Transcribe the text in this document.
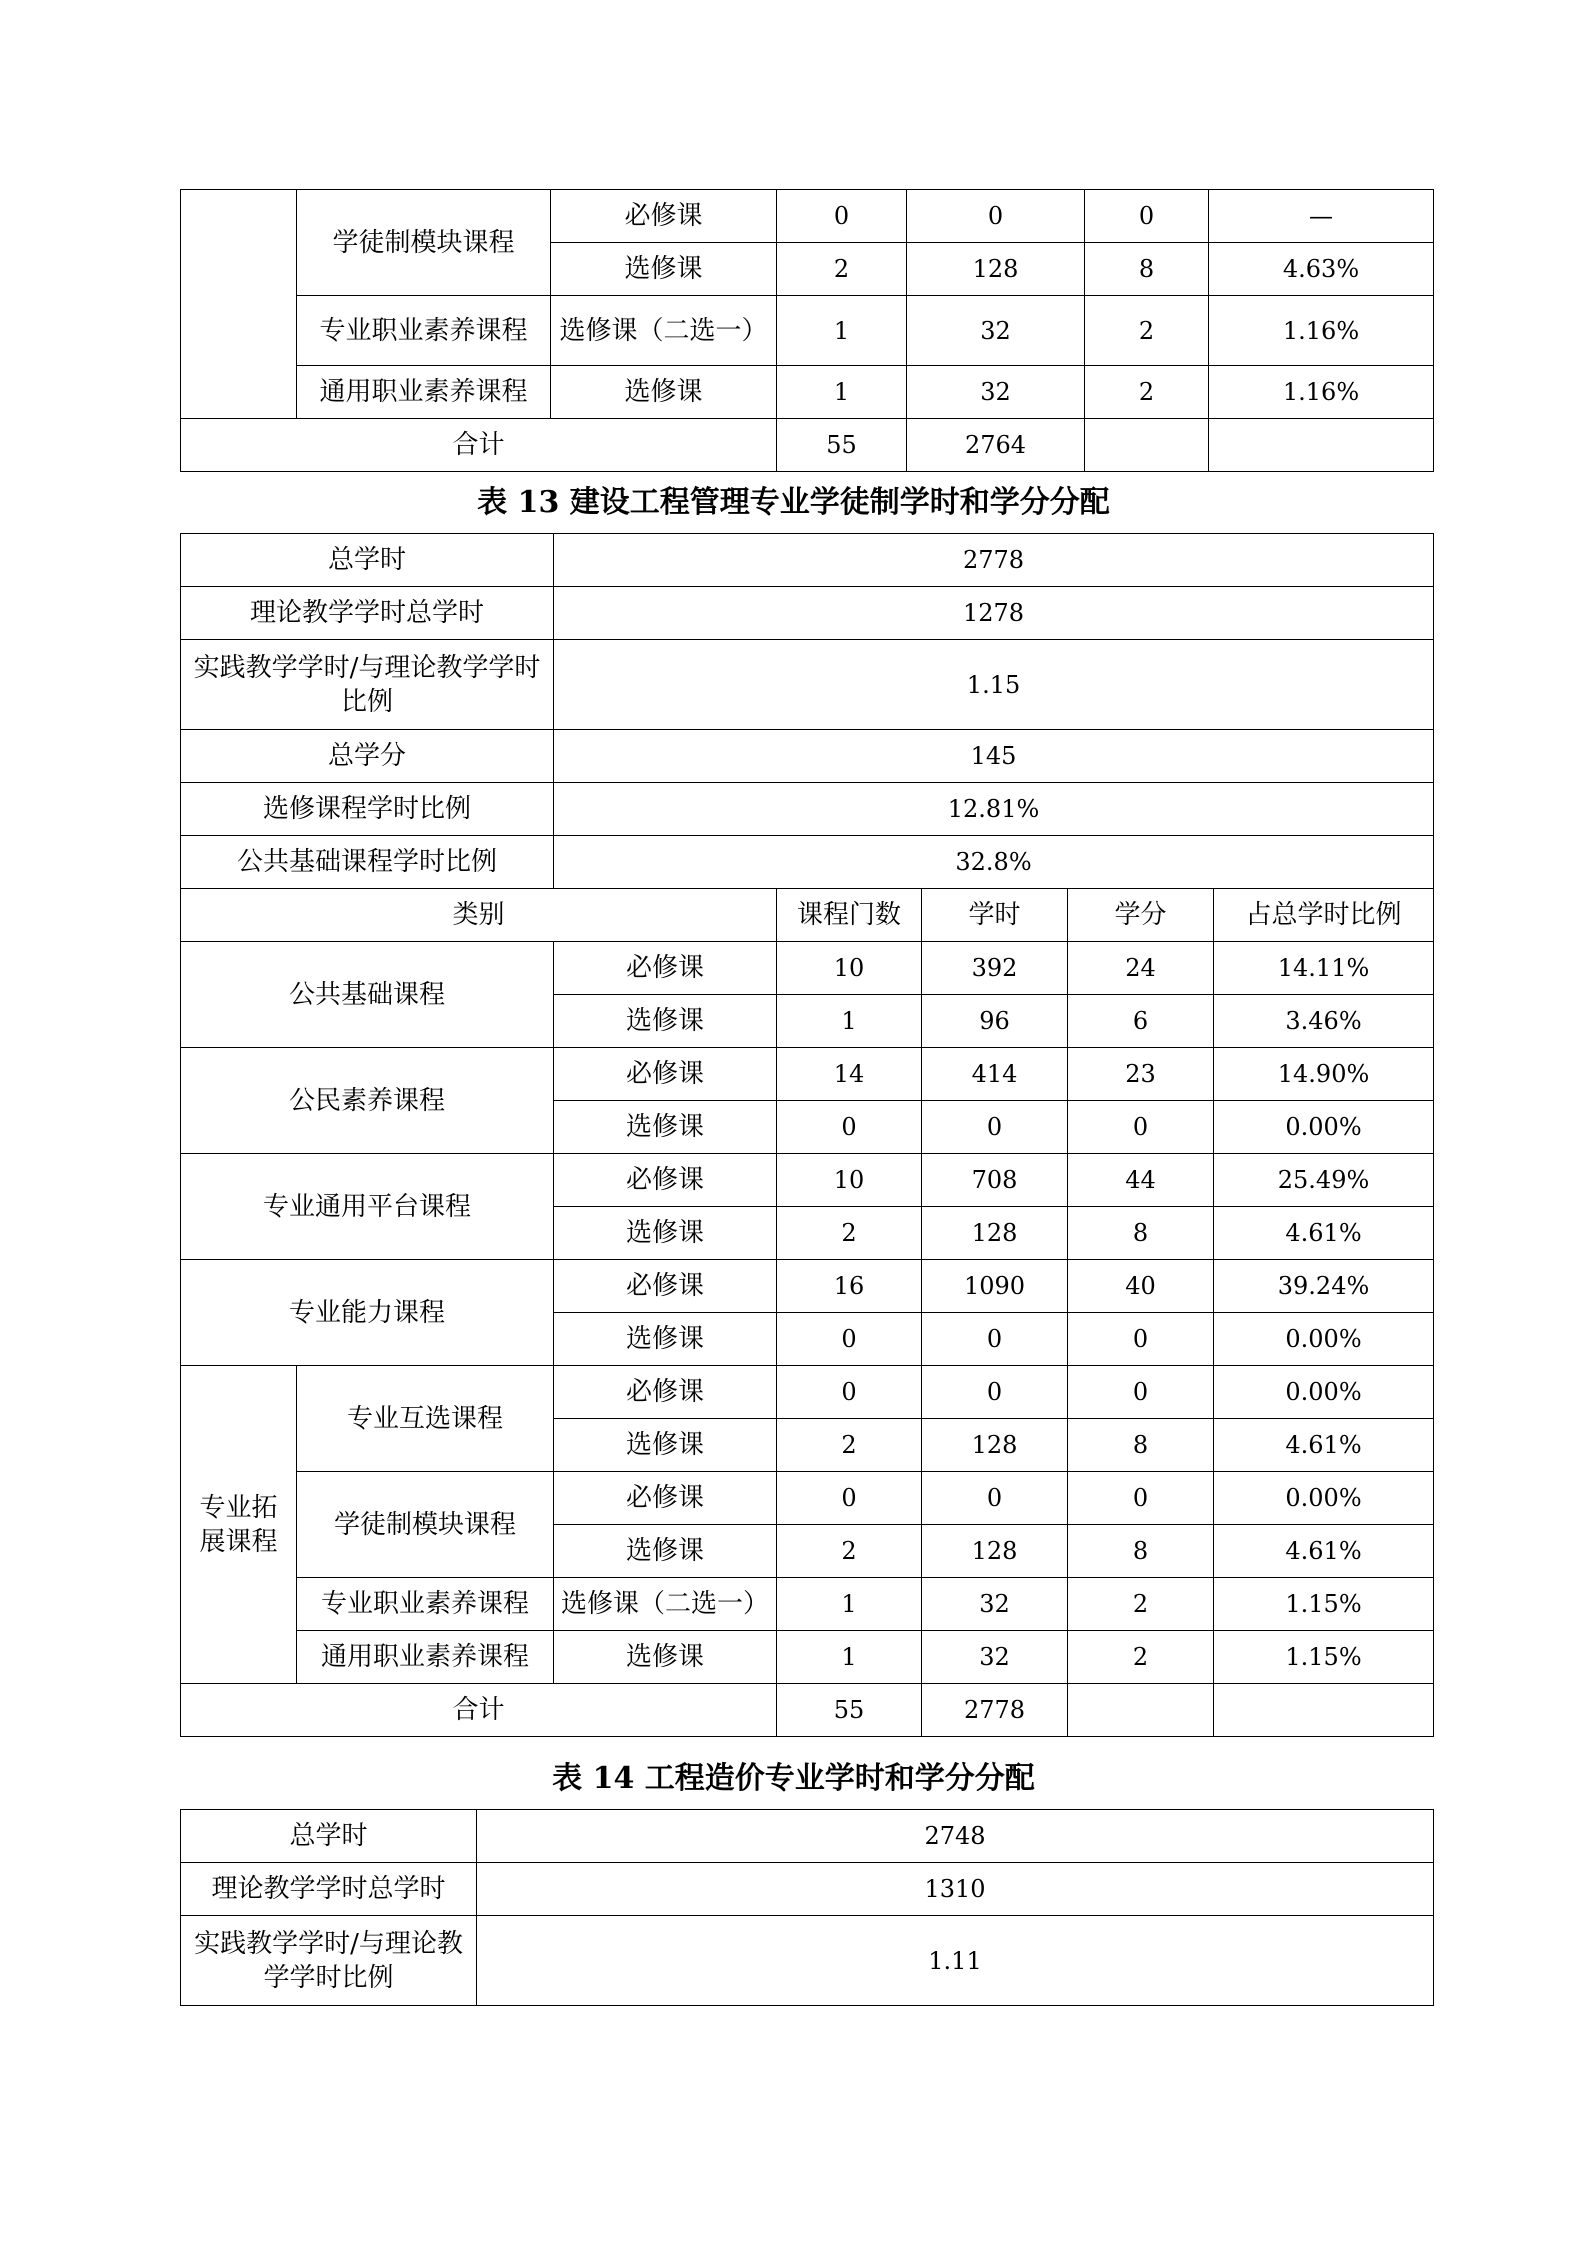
	学徒制模块课程	必修课	0	0	0	—
		选修课	2	128	8	4.63%
	专业职业素养课程	选修课（二选一）	1	32	2	1.16%
	通用职业素养课程	选修课	1	32	2	1.16%
合计			55	2764		
表 13 建设工程管理专业学徒制学时和学分分配
总学时		2778				
理论教学学时总学时		1278				
实践教学学时/与理论教学学时比例		1.15				
总学分		145				
选修课程学时比例		12.81%				
公共基础课程学时比例		32.8%				
类别			课程门数	学时	学分	占总学时比例
公共基础课程		必修课	10	392	24	14.11%
		选修课	1	96	6	3.46%
公民素养课程		必修课	14	414	23	14.90%
		选修课	0	0	0	0.00%
专业通用平台课程		必修课	10	708	44	25.49%
		选修课	2	128	8	4.61%
专业能力课程		必修课	16	1090	40	39.24%
		选修课	0	0	0	0.00%
专业拓展课程	专业互选课程	必修课	0	0	0	0.00%
		选修课	2	128	8	4.61%
	学徒制模块课程	必修课	0	0	0	0.00%
		选修课	2	128	8	4.61%
	专业职业素养课程	选修课（二选一）	1	32	2	1.15%
	通用职业素养课程	选修课	1	32	2	1.15%
合计			55	2778		
表 14 工程造价专业学时和学分分配
总学时	2748
理论教学学时总学时	1310
实践教学学时/与理论教学学时比例	1.11
